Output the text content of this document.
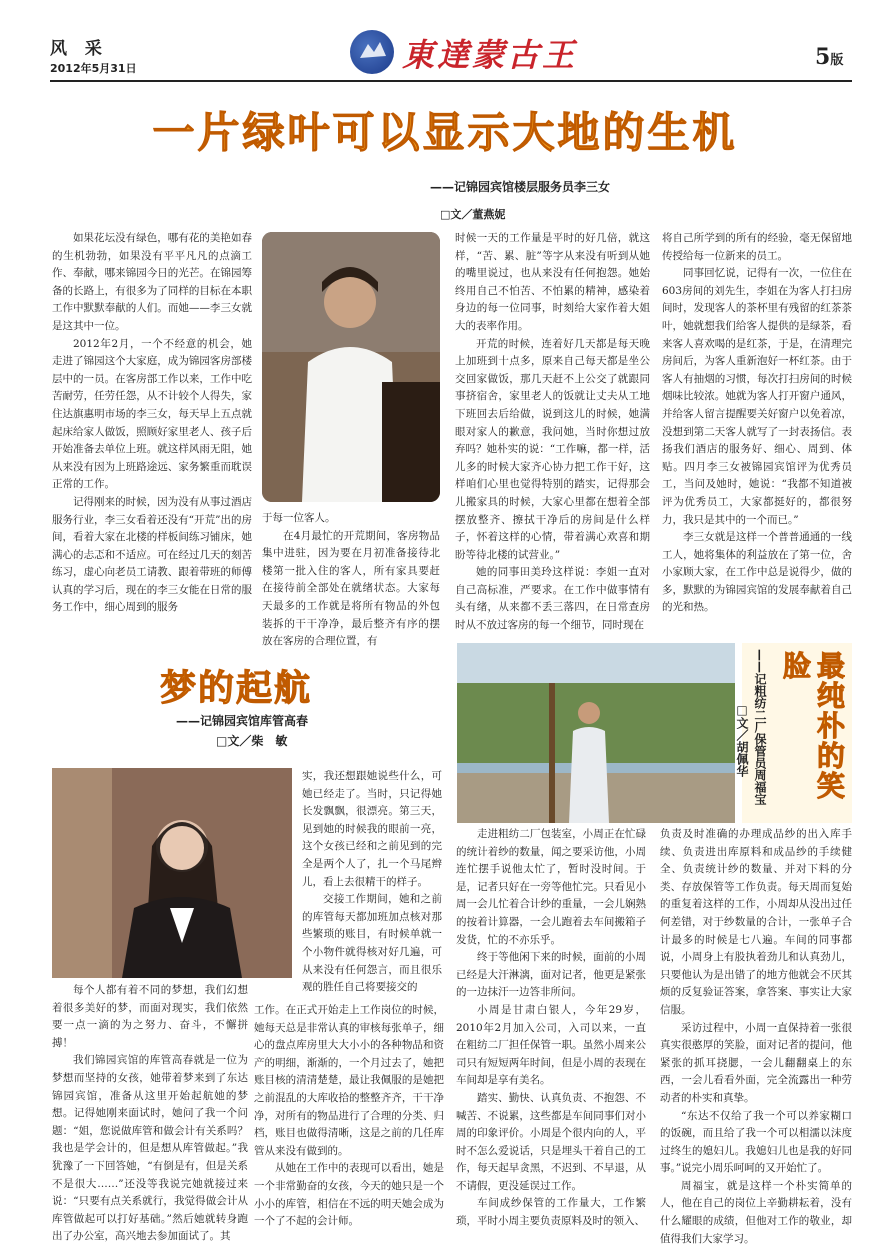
风 采
2012年5月31日	東達蒙古王	5版
一片绿叶可以显示大地的生机
——记锦园宾馆楼层服务员李三女
□文／董燕妮

如果花坛没有绿色，哪有花的美艳如春的生机勃勃，如果没有平平凡凡的点滴工作、奉献，哪来锦园今日的光芒。在锦园筹备的长路上，有很多为了同样的目标在本职工作中默默奉献的人们。而她——李三女就是这其中一位。

2012年2月，一个不经意的机会，她走进了锦园这个大家庭，成为锦园客房部楼层中的一员。在客房部工作以来，工作中吃苦耐劳，任劳任怨，从不计较个人得失，家住达旗惠明市场的李三女，每天早上五点就起床给家人做饭，照顾好家里老人、孩子后开始准备去单位上班。就这样风雨无阻，她从来没有因为上班路途远、家务繁重而耽误正常的工作。

记得刚来的时候，因为没有从事过酒店服务行业，李三女看着还没有“开荒”出的房间，看着大家在北楼的样板间练习铺床，她满心的忐忑和不适应。可在经过几天的刻苦练习，虚心向老员工请教、跟着带班的师傅认真的学习后，现在的李三女能在日常的服务工作中，细心周到的服务

于每一位客人。

在4月最忙的开荒期间，客房物品集中进驻，因为要在月初准备接待北楼第一批入住的客人，所有家具要赶在接待前全部处在就绪状态。大家每天最多的工作就是将所有物品的外包装拆的干干净净，最后整齐有序的摆放在客房的合理位置，有

时候一天的工作量是平时的好几倍，就这样，“苦、累、脏”等字从来没有听到从她的嘴里说过，也从来没有任何抱怨。她始终用自己不怕苦、不怕累的精神，感染着身边的每一位同事，时刻给大家作着大姐大的表率作用。

开荒的时候，连着好几天都是每天晚上加班到十点多，原来自己每天都是坐公交回家做饭，那几天赶不上公交了就跟同事挤宿舍，家里老人的饭就让丈夫从工地下班回去后给做，说到这儿的时候，她满眼对家人的歉意，我问她，当时你想过放弃吗？她朴实的说：“工作嘛，都一样，活儿多的时候大家齐心协力把工作干好，这样咱们心里也觉得特别的踏实，记得那会儿搬家具的时候，大家心里都在想着全部摆放整齐、擦拭干净后的房间是什么样子，怀着这样的心情，带着满心欢喜和期盼等待北楼的试营业。”

她的同事田美玲这样说：李姐一直对自己高标准，严要求。在工作中做事情有头有绪，从来都不丢三落四，在日常查房时从不放过客房的每一个细节，同时现在

将自己所学到的所有的经验，毫无保留地传授给每一位新来的员工。

同事回忆说，记得有一次，一位住在603房间的刘先生，李姐在为客人打扫房间时，发现客人的茶杯里有残留的红茶茶叶，她就想我们给客人提供的是绿茶，看来客人喜欢喝的是红茶，于是，在清理完房间后，为客人重新泡好一杯红茶。由于客人有抽烟的习惯，每次打扫房间的时候烟味比较浓。她就为客人打开窗户通风，并给客人留言提醒要关好窗户以免着凉，没想到第二天客人就写了一封表扬信。表扬我们酒店的服务好、细心、周到、体贴。四月李三女被锦园宾馆评为优秀员工，当问及她时，她说：“我都不知道被评为优秀员工，大家都挺好的，都很努力，我只是其中的一个而已。”

李三女就是这样一个普普通通的一线工人，她将集体的利益放在了第一位，舍小家顾大家，在工作中总是说得少，做的多，默默的为锦园宾馆的发展奉献着自己的光和热。

梦的起航
——记锦园宾馆库管高春
□文／柴　敏

实，我还想跟她说些什么，可她已经走了。当时，只记得她长发飘飘，很漂亮。第三天，见到她的时候我的眼前一亮，这个女孩已经和之前见到的完全是两个人了，扎一个马尾辫儿，看上去很精干的样子。

交接工作期间，她和之前的库管每天都加班加点核对那些繁琐的账目，有时候单就一个小物件就得核对好几遍，可从来没有任何怨言，而且很乐观的胜任自己将要接交的

每个人都有着不同的梦想，我们幻想着很多美好的梦，而面对现实，我们依然要一点一滴的为之努力、奋斗，不懈拼搏！

我们锦园宾馆的库管高春就是一位为梦想而坚持的女孩，她带着梦来到了东达锦园宾馆，准备从这里开始起航她的梦想。记得她刚来面试时，她问了我一个问题：“姐，您说做库管和做会计有关系吗？我也是学会计的，但是想从库管做起。”我犹豫了一下回答她，“有倒是有，但是关系不是很大……”还没等我说完她就接过来说：“只要有点关系就行，我觉得做会计从库管做起可以打好基础。”然后她就转身跑出了办公室，高兴地去参加面试了。其

工作。在正式开始走上工作岗位的时候，她每天总是非常认真的审核每张单子，细心的盘点库房里大大小小的各种物品和资产的明细，渐渐的，一个月过去了，她把账目核的清清楚楚，最让我佩服的是她把之前混乱的大库收拾的整整齐齐，干干净净，对所有的物品进行了合理的分类、归档，账目也做得清晰，这是之前的几任库管从来没有做到的。

从她在工作中的表现可以看出，她是一个非常勤奋的女孩，今天的她只是一个小小的库管，相信在不远的明天她会成为一个了不起的会计师。

最纯朴的笑脸
——记粗纺二厂保管员周福宝
□文／胡佩华

走进粗纺二厂包装室，小周正在忙碌的统计着纱的数量，闻之要采访他，小周连忙摆手说他太忙了，暂时没时间。于是，记者只好在一旁等他忙完。只看见小周一会儿忙着合计纱的重量，一会儿娴熟的按着计算器，一会儿跑着去车间搬箱子发货，忙的不亦乐乎。

终于等他闲下来的时候，面前的小周已经是大汗淋漓，面对记者，他更是紧张的一边抹汗一边答非所问。

小周是甘肃白银人，今年29岁，2010年2月加入公司，入司以来，一直在粗纺二厂担任保管一职。虽然小周来公司只有短短两年时间，但是小周的表现在车间却是享有美名。

踏实、勤快、认真负责、不抱怨、不喊苦、不说累，这些都是车间同事们对小周的印象评价。小周是个很内向的人，平时不怎么爱说话，只是埋头干着自己的工作，每天起早贪黑，不迟到、不早退，从不请假，更没延误过工作。

车间成纱保管的工作量大，工作繁琐，平时小周主要负责原料及时的领入、

负责及时准确的办理成品纱的出入库手续、负责进出库原料和成品纱的手续健全、负责统计纱的数量、并对下料的分类、存放保管等工作负责。每天周而复始的重复着这样的工作，小周却从没出过任何差错，对于纱数量的合计，一张单子合计最多的时候是七八遍。车间的同事都说，小周身上有股执着劲儿和认真劲儿，只要他认为是出错了的地方他就会不厌其烦的反复验证答案，拿答案、事实让大家信服。

采访过程中，小周一直保持着一张很真实很憨厚的笑脸，面对记者的提问，他紧张的抓耳挠腮，一会儿翻翻桌上的东西，一会儿看看外面，完全流露出一种劳动者的朴实和真挚。

“东达不仅给了我一个可以养家糊口的饭碗，而且给了我一个可以相濡以沫度过终生的媳妇儿。我媳妇儿也是我的好同事。”说完小周乐呵呵的又开始忙了。

周福宝，就是这样一个朴实简单的人，他在自己的岗位上辛勤耕耘着，没有什么耀眼的成绩，但他对工作的敬业，却值得我们大家学习。
